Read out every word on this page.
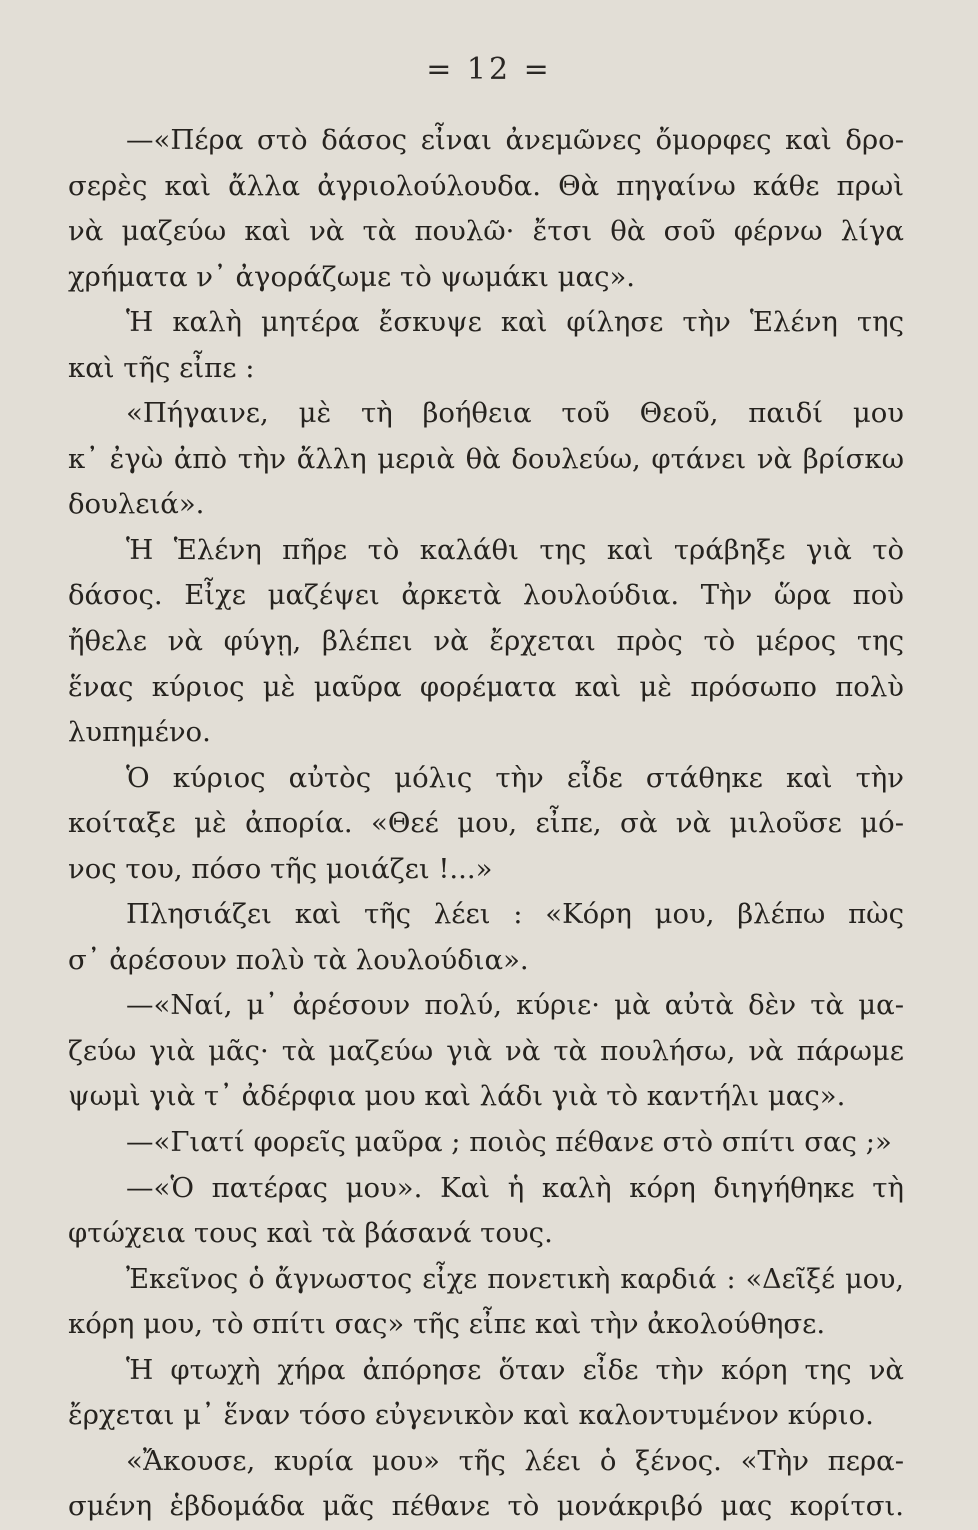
= 12 =
—«Πέρα στὸ δάσος εἶναι ἀνεμῶνες ὄμορφες καὶ δρο-
σερὲς καὶ ἄλλα ἀγριολούλουδα. Θὰ πηγαίνω κάθε πρωὶ
νὰ μαζεύω καὶ νὰ τὰ πουλῶ· ἔτσι θὰ σοῦ φέρνω λίγα
χρήματα ν᾽ ἀγοράζωμε τὸ ψωμάκι μας».
Ἡ καλὴ μητέρα ἔσκυψε καὶ φίλησε τὴν Ἑλένη της
καὶ τῆς εἶπε :
«Πήγαινε, μὲ τὴ βοήθεια τοῦ Θεοῦ, παιδί μου
κ᾽ ἐγὼ ἀπὸ τὴν ἄλλη μεριὰ θὰ δουλεύω, φτάνει νὰ βρίσκω
δουλειά».
Ἡ Ἑλένη πῆρε τὸ καλάθι της καὶ τράβηξε γιὰ τὸ
δάσος. Εἶχε μαζέψει ἀρκετὰ λουλούδια. Τὴν ὥρα ποὺ
ἤθελε νὰ φύγῃ, βλέπει νὰ ἔρχεται πρὸς τὸ μέρος της
ἕνας κύριος μὲ μαῦρα φορέματα καὶ μὲ πρόσωπο πολὺ
λυπημένο.
Ὁ κύριος αὐτὸς μόλις τὴν εἶδε στάθηκε καὶ τὴν
κοίταξε μὲ ἀπορία. «Θεέ μου, εἶπε, σὰ νὰ μιλοῦσε μό-
νος του, πόσο τῆς μοιάζει !...»
Πλησιάζει καὶ τῆς λέει : «Κόρη μου, βλέπω πὼς
σ᾽ ἀρέσουν πολὺ τὰ λουλούδια».
—«Ναί, μ᾽ ἀρέσουν πολύ, κύριε· μὰ αὐτὰ δὲν τὰ μα-
ζεύω γιὰ μᾶς· τὰ μαζεύω γιὰ νὰ τὰ πουλήσω, νὰ πάρωμε
ψωμὶ γιὰ τ᾽ ἀδέρφια μου καὶ λάδι γιὰ τὸ καντήλι μας».
—«Γιατί φορεῖς μαῦρα ; ποιὸς πέθανε στὸ σπίτι σας ;»
—«Ὁ πατέρας μου». Καὶ ἡ καλὴ κόρη διηγήθηκε τὴ
φτώχεια τους καὶ τὰ βάσανά τους.
Ἐκεῖνος ὁ ἄγνωστος εἶχε πονετικὴ καρδιά : «Δεῖξέ μου,
κόρη μου, τὸ σπίτι σας» τῆς εἶπε καὶ τὴν ἀκολούθησε.
Ἡ φτωχὴ χήρα ἀπόρησε ὅταν εἶδε τὴν κόρη της νὰ
ἔρχεται μ᾽ ἕναν τόσο εὐγενικὸν καὶ καλοντυμένον κύριο.
«Ἄκουσε, κυρία μου» τῆς λέει ὁ ξένος. «Τὴν περα-
σμένη ἑβδομάδα μᾶς πέθανε τὸ μονάκριβό μας κορίτσι.
